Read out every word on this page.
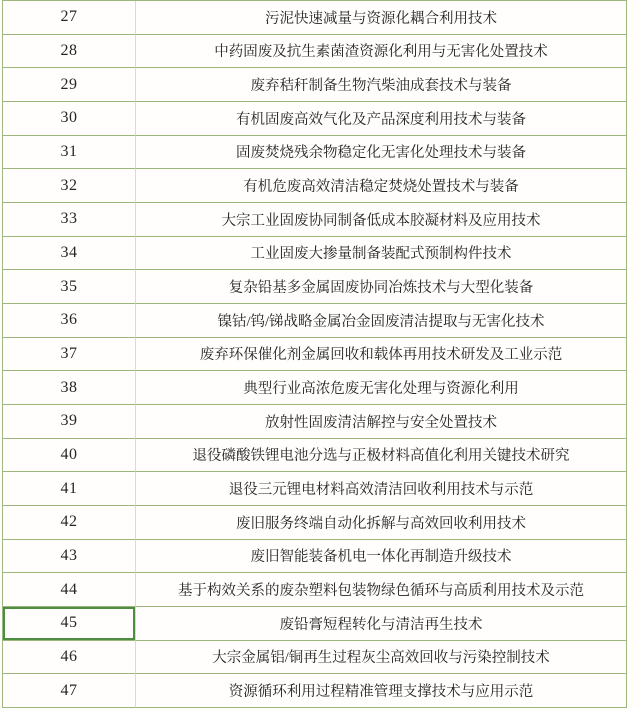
27	污泥快速减量与资源化耦合利用技术
28	中药固废及抗生素菌渣资源化利用与无害化处置技术
29	废弃秸秆制备生物汽柴油成套技术与装备
30	有机固废高效气化及产品深度利用技术与装备
31	固废焚烧残余物稳定化无害化处理技术与装备
32	有机危废高效清洁稳定焚烧处置技术与装备
33	大宗工业固废协同制备低成本胶凝材料及应用技术
34	工业固废大掺量制备装配式预制构件技术
35	复杂铅基多金属固废协同冶炼技术与大型化装备
36	镍钴/钨/锑战略金属冶金固废清洁提取与无害化技术
37	废弃环保催化剂金属回收和载体再用技术研发及工业示范
38	典型行业高浓危废无害化处理与资源化利用
39	放射性固废清洁解控与安全处置技术
40	退役磷酸铁锂电池分选与正极材料高值化利用关键技术研究
41	退役三元锂电材料高效清洁回收利用技术与示范
42	废旧服务终端自动化拆解与高效回收利用技术
43	废旧智能装备机电一体化再制造升级技术
44	基于构效关系的废杂塑料包装物绿色循环与高质利用技术及示范
45	废铅膏短程转化与清洁再生技术
46	大宗金属铝/铜再生过程灰尘高效回收与污染控制技术
47	资源循环利用过程精准管理支撑技术与应用示范
